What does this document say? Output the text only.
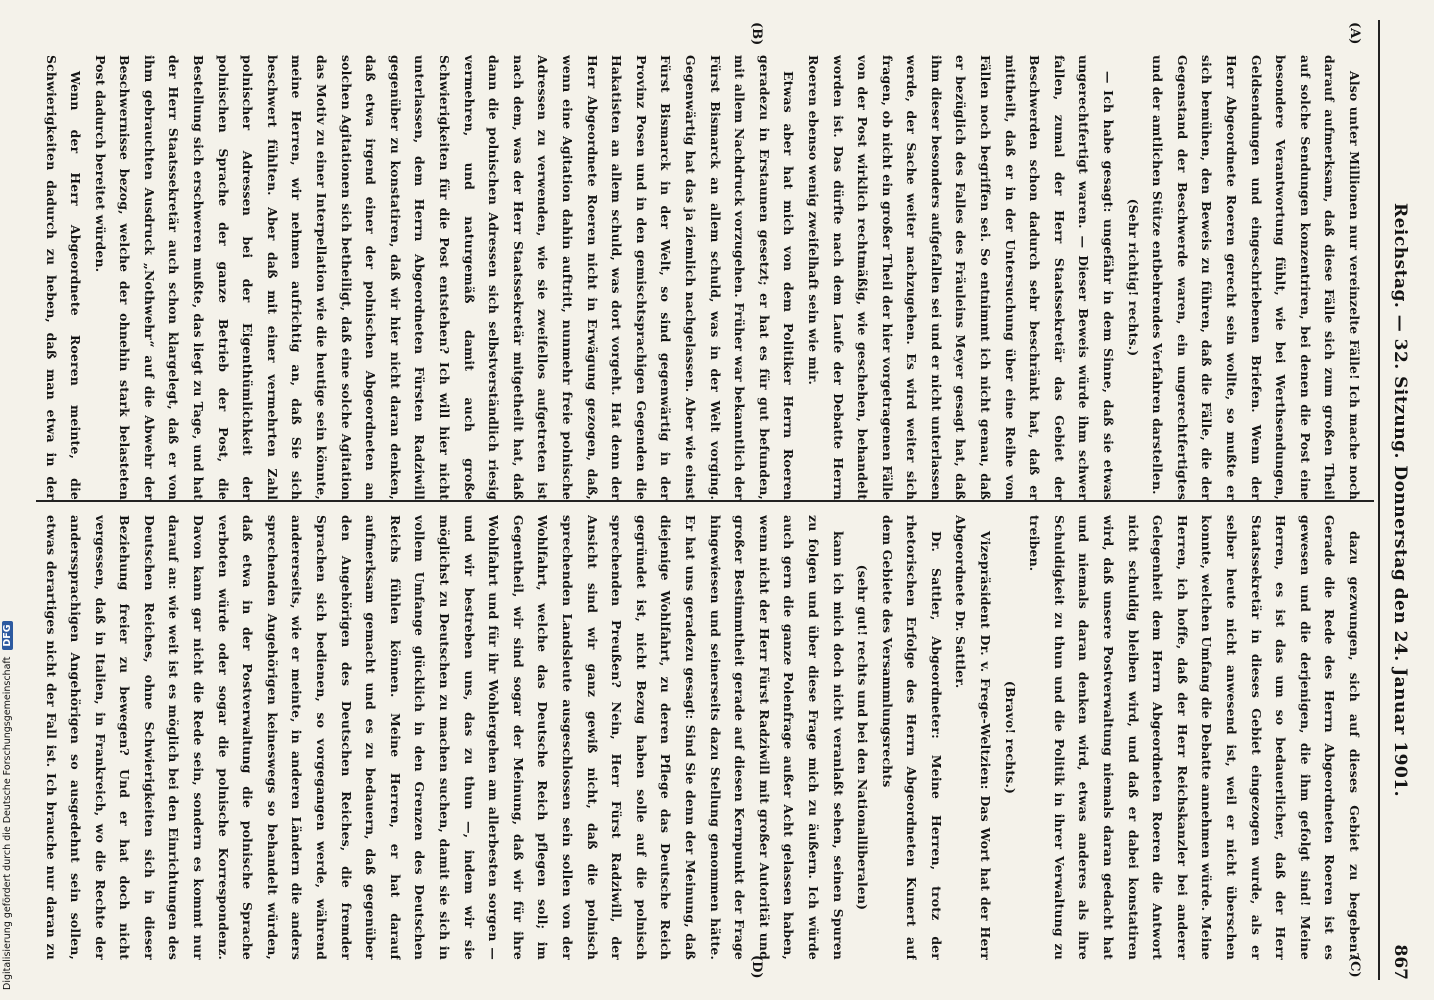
Reichstag. — 32. Sitzung. Donnerstag den 24. Januar 1901.
867
(A)
(B)
(C)
(D)

Also unter Millionen nur vereinzelte Fälle! Ich mache noch darauf aufmerksam, daß diese Fälle sich zum großen Theil auf solche Sendungen konzentriren, bei denen die Post eine besondere Verantwortung fühlt, wie bei Werthsendungen, Geldsendungen und eingeschriebenen Briefen. Wenn der Herr Abgeordnete Roeren gerecht sein wollte, so mußte er sich bemühen, den Beweis zu führen, daß die Fälle, die der Gegenstand der Beschwerde waren, ein ungerechtfertigtes und der amtlichen Stütze entbehrendes Verfahren darstellen.

(Sehr richtig! rechts.)

— Ich habe gesagt: ungefähr in dem Sinne, daß sie etwas ungerechtfertigt waren. — Dieser Beweis würde ihm schwer fallen, zumal der Herr Staatssekretär das Gebiet der Beschwerden schon dadurch sehr beschränkt hat, daß er mittheilt, daß er in der Untersuchung über eine Reihe von Fällen noch begriffen sei. So entnimmt ich nicht genau, daß er bezüglich des Falles des Fräuleins Meyer gesagt hat, daß ihm dieser besonders aufgefallen sei und er nicht unterlassen werde, der Sache weiter nachzugehen. Es wird weiter sich fragen, ob nicht ein großer Theil der hier vorgetragenen Fälle von der Post wirklich rechtmäßig, wie geschehen, behandelt worden ist. Das dürfte nach dem Laufe der Debatte Herrn Roeren ebenso wenig zweifelhaft sein wie mir.

Etwas aber hat mich von dem Politiker Herrn Roeren geradezu in Erstaunen gesetzt; er hat es für gut befunden, mit allem Nachdruck vorzugehen. Früher war bekanntlich der Fürst Bismarck an allem schuld, was in der Welt vorging. Gegenwärtig hat das ja ziemlich nachgelassen. Aber wie einst Fürst Bismarck in der Welt, so sind gegenwärtig in der Provinz Posen und in den gemischtsprachigen Gegenden die Hakatisten an allem schuld, was dort vorgeht. Hat denn der Herr Abgeordnete Roeren nicht in Erwägung gezogen, daß, wenn eine Agitation dahin auftritt, nunmehr freie polnische Adressen zu verwenden, wie sie zweifellos aufgetreten ist nach dem, was der Herr Staatssekretär mitgetheilt hat, daß dann die polnischen Adressen sich selbstverständlich riesig vermehren, und naturgemäß damit auch große Schwierigkeiten für die Post entstehen? Ich will hier nicht unterlassen, dem Herrn Abgeordneten Fürsten Radziwill gegenüber zu konstatiren, daß wir hier nicht daran denken, daß etwa irgend einer der polnischen Abgeordneten an solchen Agitationen sich betheiligt, daß eine solche Agitation das Motiv zu einer Interpellation wie die heutige sein könnte, meine Herren, wir nehmen aufrichtig an, daß Sie sich beschwert fühlten. Aber daß mit einer vermehrten Zahl polnischer Adressen bei der Eigenthümlichkeit der polnischen Sprache der ganze Betrieb der Post, die Bestellung sich erschweren mußte, das liegt zu Tage, und hat der Herr Staatssekretär auch schon klargelegt, daß er von ihm gebrauchten Ausdruck „Nothwehr“ auf die Abwehr der Beschwernisse bezog, welche der ohnehin stark belasteten Post dadurch bereitet würden.

Wenn der Herr Abgeordnete Roeren meinte, die Schwierigkeiten dadurch zu heben, daß man etwa in der

dazu gezwungen, sich auf dieses Gebiet zu begeben? Gerade die Rede des Herrn Abgeordneten Roeren ist es gewesen und die derjenigen, die ihm gefolgt sind! Meine Herren, es ist das um so bedauerlicher, daß der Herr Staatssekretär in dieses Gebiet eingezogen wurde, als er selber heute nicht anwesend ist, weil er nicht überschen konnte, welchen Umfang die Debatte annehmen würde. Meine Herren, ich hoffe, daß der Herr Reichskanzler bei anderer Gelegenheit dem Herrn Abgeordneten Roeren die Antwort nicht schuldig bleiben wird, und daß er dabei konstatiren wird, daß unsere Postverwaltung niemals daran gedacht hat und niemals daran denken wird, etwas anderes als ihre Schuldigkeit zu thun und die Politik in ihrer Verwaltung zu treiben.

(Bravo! rechts.)

Vizepräsident Dr. v. Frege-Weltzien: Das Wort hat der Herr Abgeordnete Dr. Sattler.

Dr. Sattler, Abgeordneter: Meine Herren, trotz der rhetorischen Erfolge des Herrn Abgeordneten Kunert auf dem Gebiete des Versammlungsrechts

(sehr gut! rechts und bei den Nationalliberalen)

kann ich mich doch nicht veranlaßt sehen, seinen Spuren zu folgen und über diese Frage mich zu äußern. Ich würde auch gern die ganze Polenfrage außer Acht gelassen haben, wenn nicht der Herr Fürst Radziwill mit großer Autorität und großer Bestimmtheit gerade auf diesen Kernpunkt der Frage hingewiesen und seinerseits dazu Stellung genommen hätte. Er hat uns geradezu gesagt: Sind Sie denn der Meinung, daß diejenige Wohlfahrt, zu deren Pflege das Deutsche Reich gegründet ist, nicht Bezug haben solle auf die polnisch sprechenden Preußen? Nein, Herr Fürst Radziwill, der Ansicht sind wir ganz gewiß nicht, daß die polnisch sprechenden Landsleute ausgeschlossen sein sollen von der Wohlfahrt, welche das Deutsche Reich pflegen soll; im Gegentheil, wir sind sogar der Meinung, daß wir für ihre Wohlfahrt und für ihr Wohlergehen am allerbesten sorgen — und wir bestreben uns, das zu thun —, indem wir sie möglichst zu Deutschen zu machen suchen, damit sie sich in vollem Umfange glücklich in den Grenzen des Deutschen Reichs fühlen können. Meine Herren, er hat darauf aufmerksam gemacht und es zu bedauern, daß gegenüber den Angehörigen des Deutschen Reiches, die fremder Sprachen sich bedienen, so vorgegangen werde, während andererseits, wie er meinte, in anderen Ländern die anders sprechenden Angehörigen keineswegs so behandelt würden, daß etwa in der Postverwaltung die polnische Sprache verboten würde oder sogar die polnische Korrespondenz. Davon kann gar nicht die Rede sein, sondern es kommt nur darauf an: wie weit ist es möglich bei den Einrichtungen des Deutschen Reiches, ohne Schwierigkeiten sich in dieser Beziehung freier zu bewegen? Und er hat doch nicht vergessen, daß in Italien, in Frankreich, wo die Rechte der anderssprachigen Angehörigen so ausgedehnt sein sollen, etwas derartiges nicht der Fall ist. Ich brauche nur daran zu

Digitalisierung gefördert durch die Deutsche Forschungsgemeinschaft DFG
